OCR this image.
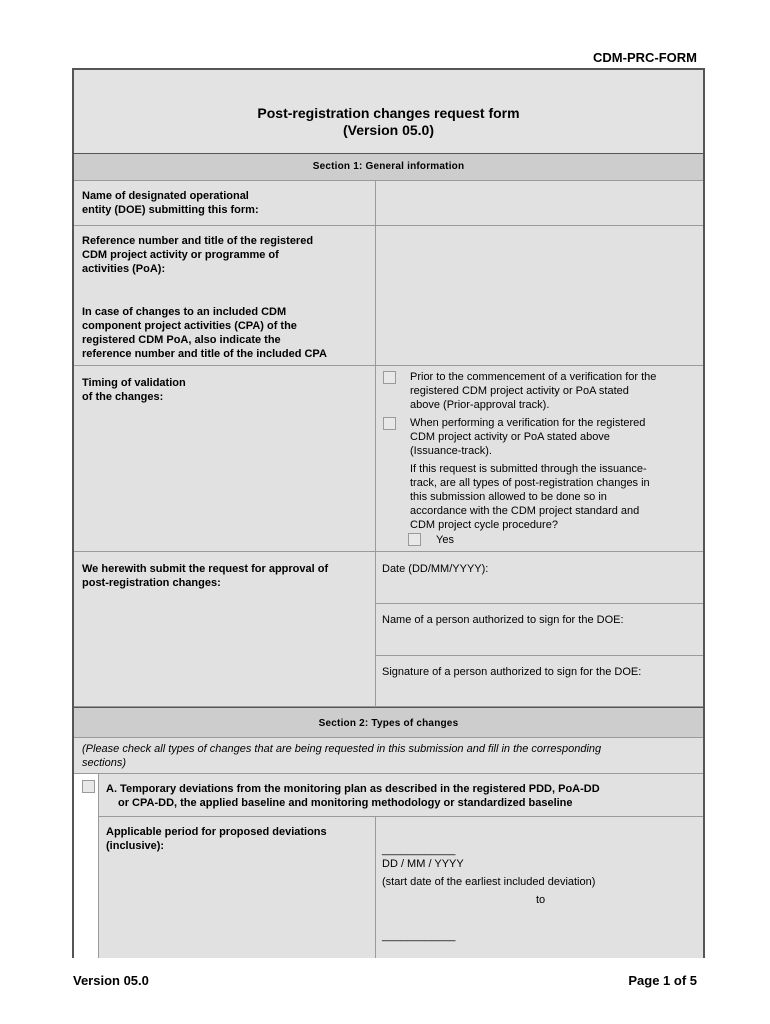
CDM-PRC-FORM
Post-registration changes request form
(Version 05.0)
Section 1: General information
Name of designated operational
entity (DOE) submitting this form:
Reference number and title of the registered
CDM project activity or programme of
activities (PoA):
In case of changes to an included CDM
component project activities (CPA) of the
registered CDM PoA, also indicate the
reference number and title of the included CPA
Timing of validation
of the changes:
Prior to the commencement of a verification for the
registered CDM project activity or PoA stated
above (Prior-approval track).
When performing a verification for the registered
CDM project activity or PoA stated above
(Issuance-track).
If this request is submitted through the issuance-
track, are all types of post-registration changes in
this submission allowed to be done so in
accordance with the CDM project standard and
CDM project cycle procedure?
Yes
We herewith submit the request for approval of
post-registration changes:
Date (DD/MM/YYYY):
Name of a person authorized to sign for the DOE:
Signature of a person authorized to sign for the DOE:
Section 2: Types of changes
(Please check all types of changes that are being requested in this submission and fill in the corresponding
sections)
A. Temporary deviations from the monitoring plan as described in the registered PDD, PoA-DD
or CPA-DD, the applied baseline and monitoring methodology or standardized baseline
Applicable period for proposed deviations
(inclusive):	____________
DD / MM / YYYY
(start date of the earliest included deviation)
to
____________
Version 05.0	Page 1 of 5
